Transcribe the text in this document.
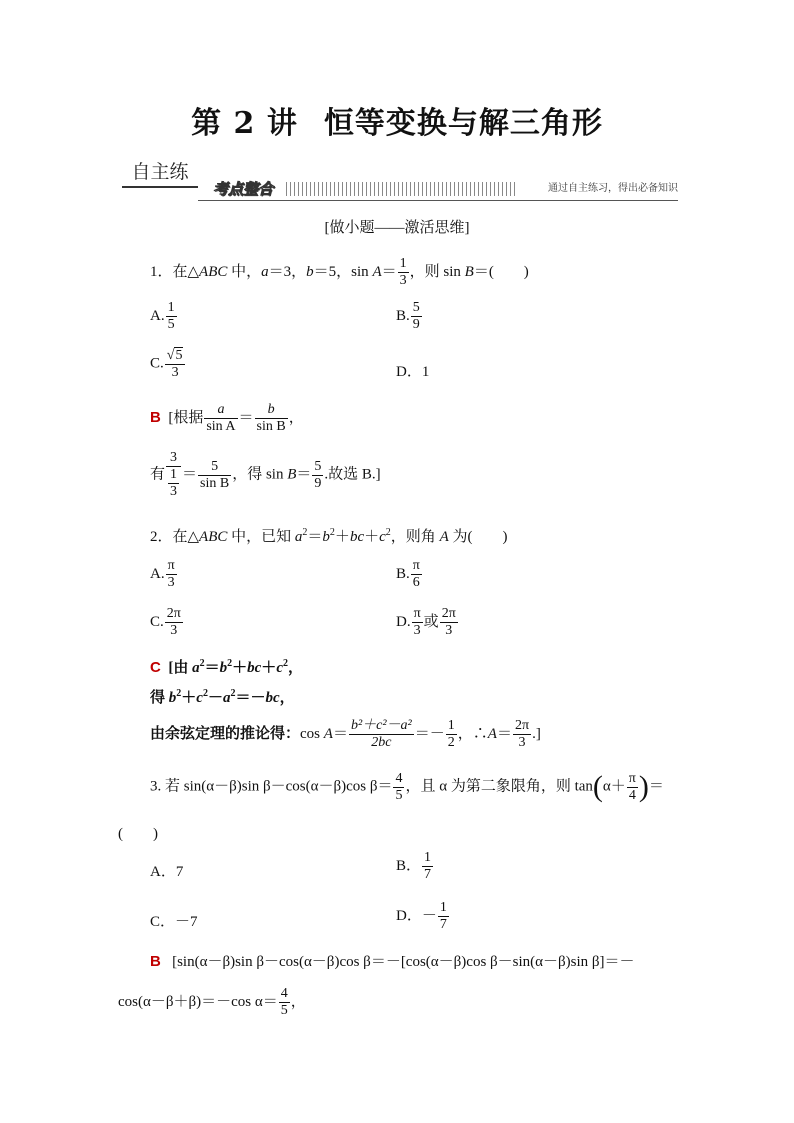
第 2 讲 恒等变换与解三角形
自主练
考点整合	通过自主练习，得出必备知识
[做小题——激活思维]
1．在△ABC 中，a＝3，b＝5，$\sin A= \frac{1}{3}$ ，则 sin B＝(　　)
A. $\frac{1}{5}$	B. $\frac{5}{9}$
C. $\frac{√5}{3}$	D．1
B [根据 $\frac{a}{\text{sin A}} = \frac{b}{\text{sin B}}$ ，
有 $\frac{3}{\frac{1}{3}} = \frac{5}{\text{sin B}}$ ，得 $\sin B= \frac{5}{9}$ .故选 B.]
2．在△ABC 中，已知 $a^2=b^2+bc+c^2$，则角 A 为(　　)
A. $\frac{\pi}{3}$	B. $\frac{\pi}{6}$
C. $\frac{2\pi}{3}$	D. $\frac{\pi}{3}$ 或 $\frac{2\pi}{3}$
C [由 $a^2=b^2+bc+c^2$，
得 $b^2+c^2-a^2=-bc$，
由余弦定理的推论得：$\cos A= \frac{\text{b²＋c²－a²}}{2bc} =- \frac{1}{2}$ ，∴A＝ $\frac{2\pi}{3}$ .]
3. 若 sin(α－β)sin β－cos(α－β)cos $\beta= \frac{4}{5}$ ，且 α 为第二象限角，则 $\tan(\alpha+ \frac{\pi}{4}$ )＝
(　　)
A．7	B． $\frac{1}{7}$
C．－7	D．－ $\frac{1}{7}$
B [sin(α－β)sin β－cos(α－β)cos β＝－[cos(α－β)cos β－sin(α－β)sin β]＝－
cos(α－β＋β)＝－cos $\alpha= \frac{4}{5}$ ，
